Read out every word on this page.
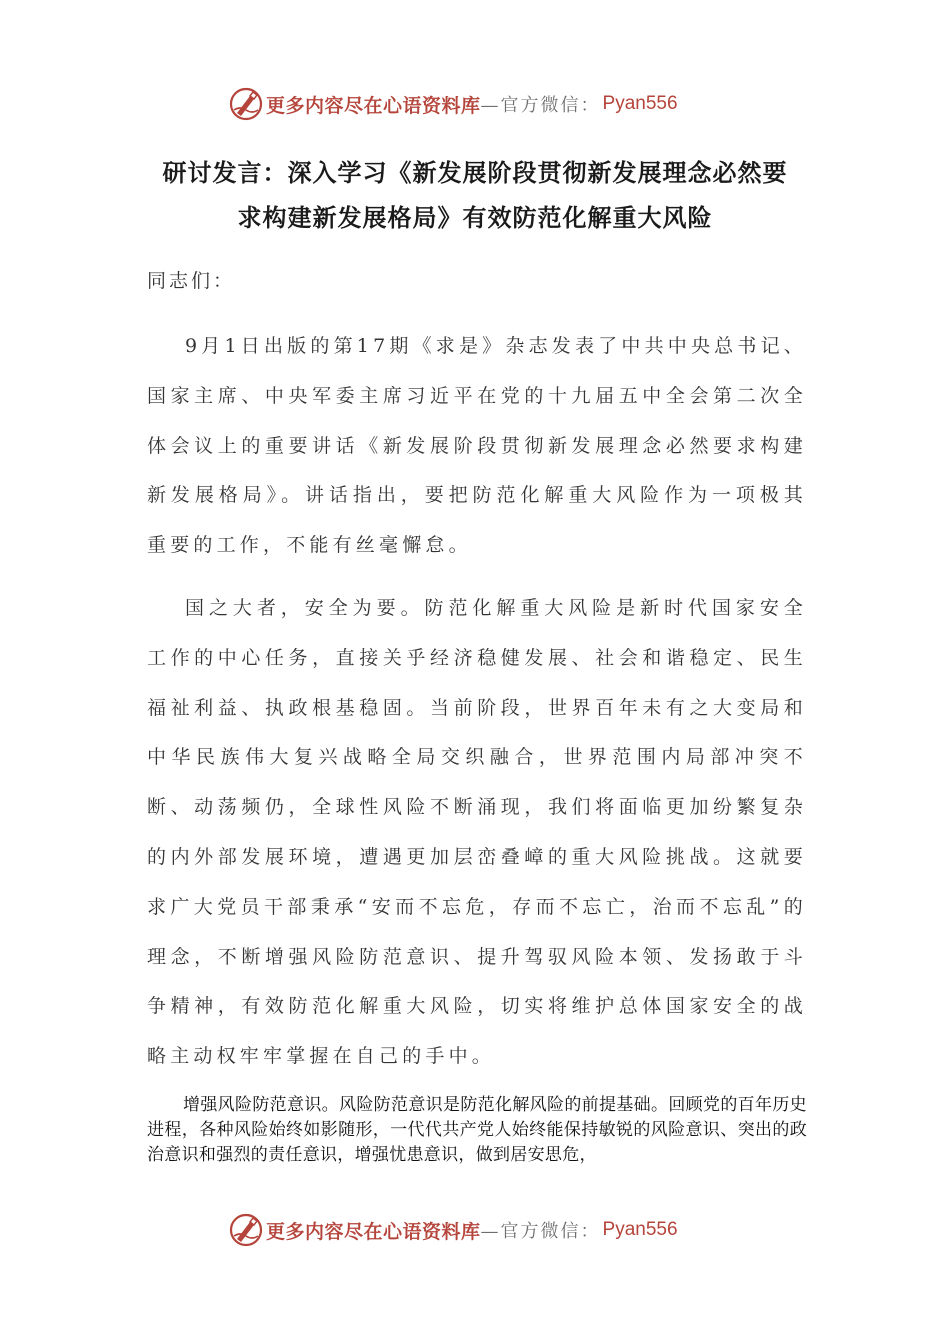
更多内容尽在心语资料库 —官方微信： Pyan556
研讨发言：深入学习《新发展阶段贯彻新发展理念必然要
求构建新发展格局》有效防范化解重大风险
同志们：

9月1日出版的第17期《求是》杂志发表了中共中央总书记、国家主席、中央军委主席习近平在党的十九届五中全会第二次全体会议上的重要讲话《新发展阶段贯彻新发展理念必然要求构建新发展格局》。讲话指出，要把防范化解重大风险作为一项极其重要的工作，不能有丝毫懈怠。

国之大者，安全为要。防范化解重大风险是新时代国家安全工作的中心任务，直接关乎经济稳健发展、社会和谐稳定、民生福祉利益、执政根基稳固。当前阶段，世界百年未有之大变局和中华民族伟大复兴战略全局交织融合，世界范围内局部冲突不断、动荡频仍，全球性风险不断涌现，我们将面临更加纷繁复杂的内外部发展环境，遭遇更加层峦叠嶂的重大风险挑战。这就要求广大党员干部秉承“安而不忘危，存而不忘亡，治而不忘乱”的理念，不断增强风险防范意识、提升驾驭风险本领、发扬敢于斗争精神，有效防范化解重大风险，切实将维护总体国家安全的战略主动权牢牢掌握在自己的手中。

增强风险防范意识。风险防范意识是防范化解风险的前提基础。回顾党的百年历史进程，各种风险始终如影随形，一代代共产党人始终能保持敏锐的风险意识、突出的政治意识和强烈的责任意识，增强忧患意识，做到居安思危，

更多内容尽在心语资料库 —官方微信： Pyan556
